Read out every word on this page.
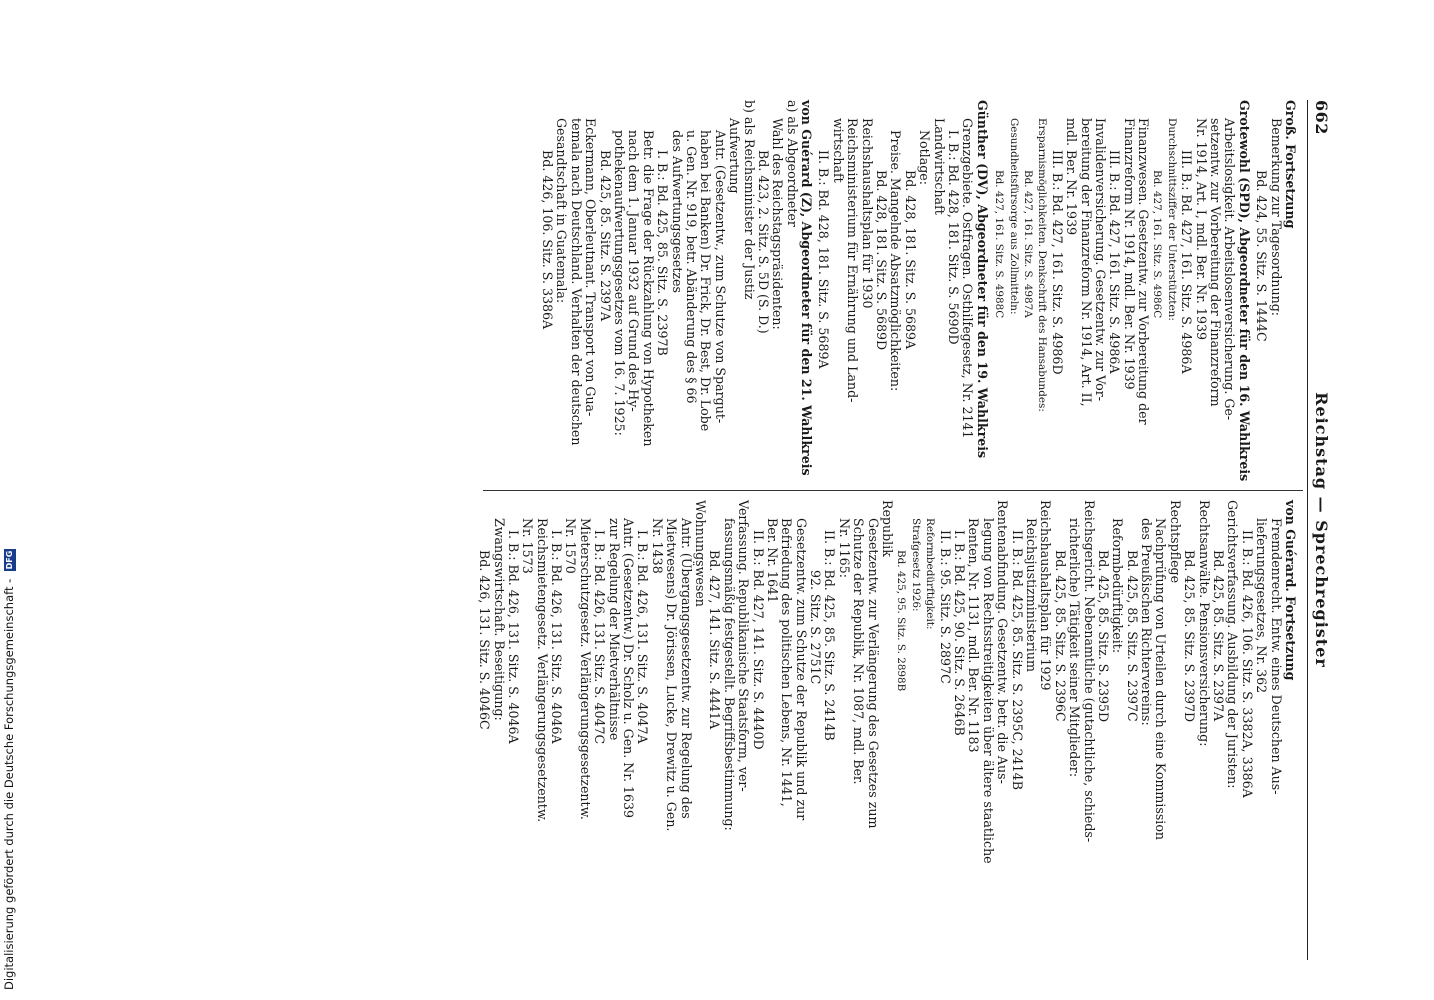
662
Reichstag — Sprechregister
Groß. Fortsetzung
Bemerkung zur Tagesordnung:
Bd. 424, 55. Sitz. S. 1444C
Grotewohl (SPD), Abgeordneter für den 16. Wahlkreis
Arbeitslosigkeit. Arbeitslosenversicherung. Ge-
setzentw. zur Vorbereitung der Finanzreform
Nr. 1914, Art. I, mdl. Ber. Nr. 1939
III. B.: Bd. 427, 161. Sitz. S. 4986A
Durchschnittsziffer der Unterstützten:
Bd. 427, 161. Sitz. S. 4986C
Finanzwesen. Gesetzentw. zur Vorbereitung der
Finanzreform Nr. 1914, mdl. Ber. Nr. 1939
III. B.: Bd. 427, 161. Sitz. S. 4986A
Invalidenversicherung. Gesetzentw. zur Vor-
bereitung der Finanzreform Nr. 1914, Art. II,
mdl. Ber. Nr. 1939
III. B.: Bd. 427, 161. Sitz. S. 4986D
Ersparnismöglichkeiten. Denkschrift des Hansabundes:
Bd. 427, 161. Sitz. S. 4987A
Gesundheitsfürsorge aus Zollmitteln:
Bd. 427, 161. Sitz. S. 4988C
Günther (DV), Abgeordneter für den 19. Wahlkreis
Grenzgebiete. Ostfragen. Osthilfegesetz, Nr. 2141
I. B.: Bd. 428, 181. Sitz. S. 5690D
Landwirtschaft
Notlage:
Bd. 428, 181. Sitz. S. 5689A
Preise. Mangelnde Absatzmöglichkeiten:
Bd. 428, 181. Sitz. S. 5689D
Reichshaushaltsplan für 1930
Reichsministerium für Ernährung und Land-
wirtschaft
II. B.: Bd. 428, 181. Sitz. S. 5689A
von Guérard (Z), Abgeordneter für den 21. Wahlkreis
a) als Abgeordneter
Wahl des Reichstagspräsidenten:
Bd. 423, 2. Sitz. S. 5D (S. D.)
b) als Reichsminister der Justiz
Aufwertung
Antr. (Gesetzentw., zum Schutze von Spargut-
haben bei Banken) Dr. Frick, Dr. Best, Dr. Lobe
u. Gen. Nr. 919, betr. Abänderung des § 66
des Aufwertungsgesetzes
I. B.: Bd. 425, 85. Sitz. S. 2397B
Betr. die Frage der Rückzahlung von Hypotheken
nach dem 1. Januar 1932 auf Grund des Hy-
pothekenaufwertungsgesetzes vom 16. 7. 1925:
Bd. 425, 85. Sitz. S. 2397A
Eckermann, Oberleutnant. Transport von Gua-
temala nach Deutschland. Verhalten der deutschen
Gesandtschaft in Guatemala:
Bd. 426, 106. Sitz. S. 3386A
von Guérard. Fortsetzung
Fremdenrecht. Entw. eines Deutschen Aus-
lieferungsgesetzes, Nr. 362
II. B.: Bd. 426, 106. Sitz. S. 3382A, 3386A
Gerichtsverfassung. Ausbildung der Juristen:
Bd. 425, 85. Sitz. S. 2397A
Rechtsanwälte. Pensionsversicherung:
Bd. 425, 85. Sitz. S. 2397D
Rechtspflege
Nachprüfung von Urteilen durch eine Kommission
des Preußischen Richtervereins:
Bd. 425, 85. Sitz. S. 2397C
Reformbedürftigkeit:
Bd. 425, 85. Sitz. S. 2395D
Reichsgericht. Nebenamtliche (gutachtliche, schieds-
richterliche) Tätigkeit seiner Mitglieder:
Bd. 425, 85. Sitz. S. 2396C
Reichshaushaltsplan für 1929
Reichsjustizministerium
II. B.: Bd. 425, 85. Sitz. S. 2395C, 2414B
Rentenabfindung. Gesetzentw. betr. die Aus-
legung von Rechtsstreitigkeiten über ältere staatliche
Renten, Nr. 1131, mdl. Ber. Nr. 1183
I. B.: Bd. 425, 90. Sitz. S. 2646B
II. B.: 95. Sitz. S. 2897C
Reformbedürftigkeit:
Strafgesetz 1926:
Bd. 425, 95. Sitz. S. 2898B
Republik
Gesetzentw. zur Verlängerung des Gesetzes zum
Schutze der Republik, Nr. 1087, mdl. Ber.
Nr. 1165:
II. B.: Bd. 425, 85. Sitz. S. 2414B
92. Sitz. S. 2751C
Gesetzentw. zum Schutze der Republik und zur
Befriedung des politischen Lebens, Nr. 1441,
Ber. Nr. 1641
II. B.: Bd. 427, 141. Sitz. S. 4440D
Verfassung. Republikanische Staatsform, ver-
fassungsmäßig festgestellt. Begriffsbestimmung:
Bd. 427, 141. Sitz. S. 4441A
Wohnungswesen
Antr. (Übergangsgesetzentw. zur Regelung des
Mietwesens) Dr. Jörissen, Lucke, Drewitz u. Gen.
Nr. 1438
I. B.: Bd. 426, 131. Sitz. S. 4047A
Antr. (Gesetzentw.) Dr. Scholz u. Gen. Nr. 1639
zur Regelung der Mietverhältnisse
I. B.: Bd. 426, 131. Sitz. S. 4047C
Mieterschutzgesetz. Verlängerungsgesetzentw.
Nr. 1570
I. B.: Bd. 426, 131. Sitz. S. 4046A
Reichsmietengesetz. Verlängerungsgesetzentw.
Nr. 1573
I. B.: Bd. 426, 131. Sitz. S. 4046A
Zwangswirtschaft. Beseitigung:
Bd. 426, 131. Sitz. S. 4046C
Digitalisierung gefördert durch die Deutsche Forschungsgemeinschaft - DFG
